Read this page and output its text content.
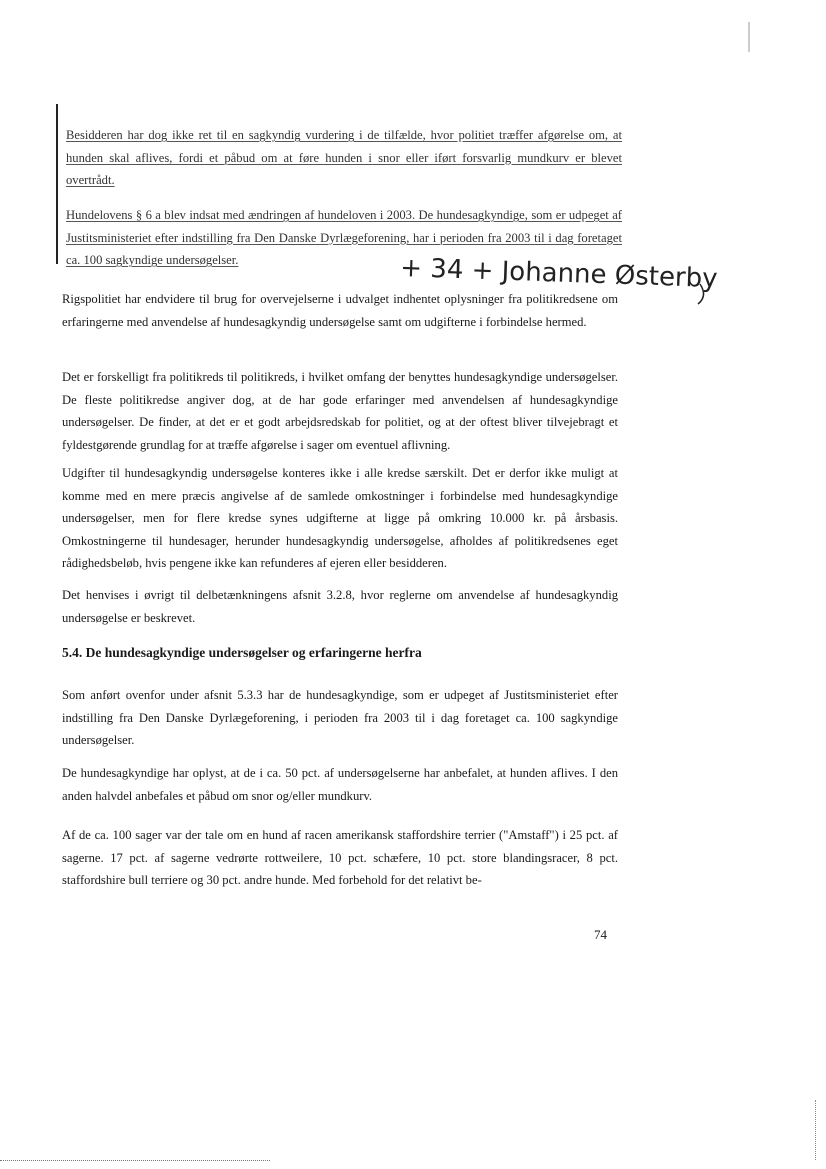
Besidderen har dog ikke ret til en sagkyndig vurdering i de tilfælde, hvor politiet træffer afgørelse om, at hunden skal aflives, fordi et påbud om at føre hunden i snor eller iført forsvarlig mundkurv er blevet overtrådt.

Hundelovens § 6 a blev indsat med ændringen af hundeloven i 2003. De hundesagkyndige, som er udpeget af Justitsministeriet efter indstilling fra Den Danske Dyrlægeforening, har i perioden fra 2003 til i dag foretaget ca. 100 sagkyndige undersøgelser.	+ 34 + Johanne Østerby

Rigspolitiet har endvidere til brug for overvejelserne i udvalget indhentet oplysninger fra politikredsene om erfaringerne med anvendelse af hundesagkyndig undersøgelse samt om udgifterne i forbindelse hermed.

Det er forskelligt fra politikreds til politikreds, i hvilket omfang der benyttes hundesagkyndige undersøgelser. De fleste politikredse angiver dog, at de har gode erfaringer med anvendelsen af hundesagkyndige undersøgelser. De finder, at det er et godt arbejdsredskab for politiet, og at der oftest bliver tilvejebragt et fyldestgørende grundlag for at træffe afgørelse i sager om eventuel aflivning.

Udgifter til hundesagkyndig undersøgelse konteres ikke i alle kredse særskilt. Det er derfor ikke muligt at komme med en mere præcis angivelse af de samlede omkostninger i forbindelse med hundesagkyndige undersøgelser, men for flere kredse synes udgifterne at ligge på omkring 10.000 kr. på årsbasis. Omkostningerne til hundesager, herunder hundesagkyndig undersøgelse, afholdes af politikredsenes eget rådighedsbeløb, hvis pengene ikke kan refunderes af ejeren eller besidderen.

Det henvises i øvrigt til delbetænkningens afsnit 3.2.8, hvor reglerne om anvendelse af hundesagkyndig undersøgelse er beskrevet.

5.4. De hundesagkyndige undersøgelser og erfaringerne herfra

Som anført ovenfor under afsnit 5.3.3 har de hundesagkyndige, som er udpeget af Justitsministeriet efter indstilling fra Den Danske Dyrlægeforening, i perioden fra 2003 til i dag foretaget ca. 100 sagkyndige undersøgelser.

De hundesagkyndige har oplyst, at de i ca. 50 pct. af undersøgelserne har anbefalet, at hunden aflives. I den anden halvdel anbefales et påbud om snor og/eller mundkurv.

Af de ca. 100 sager var der tale om en hund af racen amerikansk staffordshire terrier ("Amstaff") i 25 pct. af sagerne. 17 pct. af sagerne vedrørte rottweilere, 10 pct. schæfere, 10 pct. store blandingsracer, 8 pct. staffordshire bull terriere og 30 pct. andre hunde. Med forbehold for det relativt be-

74
